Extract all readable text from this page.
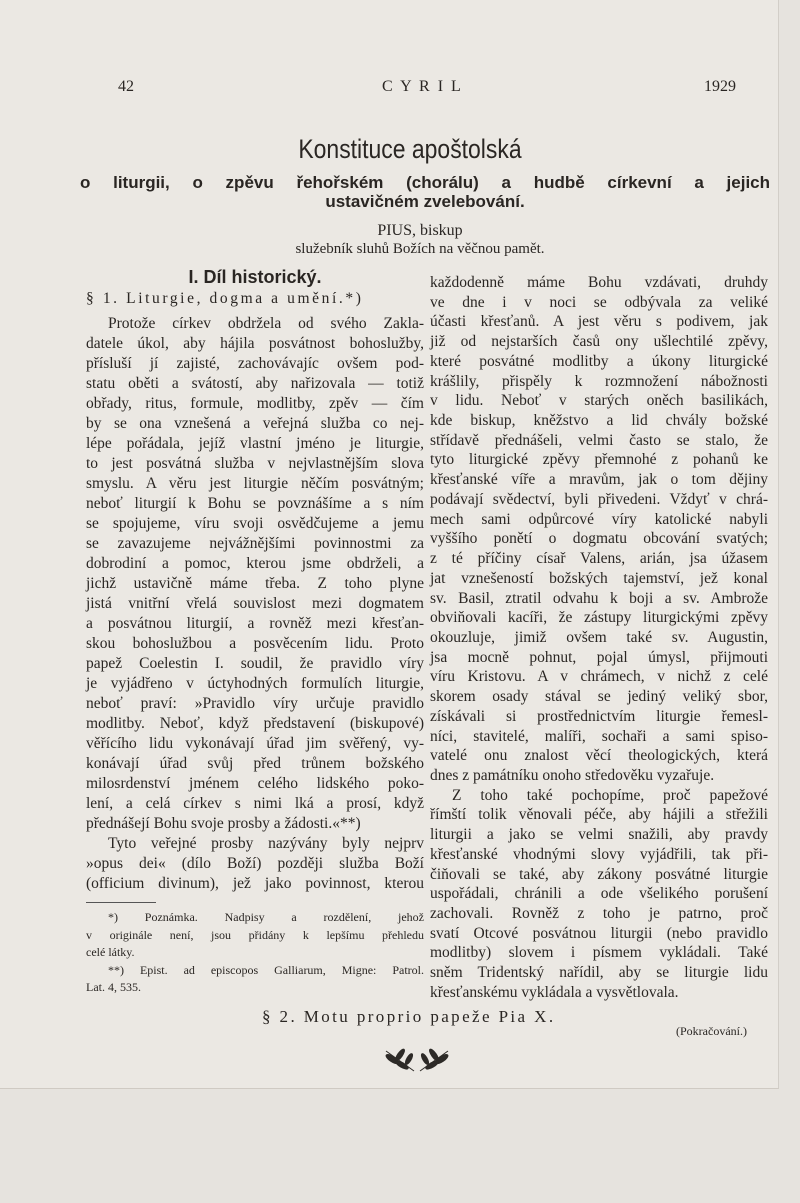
42	C Y R I L	1929
Konstituce apoštolská
o liturgii, o zpěvu řehořském (chorálu) a hudbě církevní a jejich
ustavičném zvelebování.
PIUS, biskup
služebník sluhů Božích na věčnou pamět.
I. Díl historický.
§ 1. Liturgie, dogma a umění.*)
Protože církev obdržela od svého Zakla-
datele úkol, aby hájila posvátnost bohoslužby,
přísluší jí zajisté, zachovávajíc ovšem pod-
statu oběti a svátostí, aby nařizovala — totiž
obřady, ritus, formule, modlitby, zpěv — čím
by se ona vznešená a veřejná služba co nej-
lépe pořádala, jejíž vlastní jméno je liturgie,
to jest posvátná služba v nejvlastnějším slova
smyslu. A věru jest liturgie něčím posvátným;
neboť liturgií k Bohu se povznášíme a s ním
se spojujeme, víru svoji osvědčujeme a jemu
se zavazujeme nejvážnějšími povinnostmi za
dobrodiní a pomoc, kterou jsme obdrželi, a
jichž ustavičně máme třeba. Z toho plyne
jistá vnitřní vřelá souvislost mezi dogmatem
a posvátnou liturgií, a rovněž mezi křesťan-
skou bohoslužbou a posvěcením lidu. Proto
papež Coelestin I. soudil, že pravidlo víry
je vyjádřeno v úctyhodných formulích liturgie,
neboť praví: »Pravidlo víry určuje pravidlo
modlitby. Neboť, když představení (biskupové)
věřícího lidu vykonávají úřad jim svěřený, vy-
konávají úřad svůj před trůnem božského
milosrdenství jménem celého lidského poko-
lení, a celá církev s nimi lká a prosí, když
přednášejí Bohu svoje prosby a žádosti.«**)
Tyto veřejné prosby nazývány byly nejprv
»opus dei« (dílo Boží) později služba Boží
(officium divinum), jež jako povinnost, kterou
*) Poznámka. Nadpisy a rozdělení, jehož
v originále není, jsou přidány k lepšímu přehledu
celé látky.
**) Epist. ad episcopos Galliarum, Migne: Patrol.
Lat. 4, 535.
každodenně máme Bohu vzdávati, druhdy
ve dne i v noci se odbývala za veliké
účasti křesťanů. A jest věru s podivem, jak
již od nejstarších časů ony ušlechtilé zpěvy,
které posvátné modlitby a úkony liturgické
krášlily, přispěly k rozmnožení nábožnosti
v lidu. Neboť v starých oněch basilikách,
kde biskup, kněžstvo a lid chvály božské
střídavě přednášeli, velmi často se stalo, že
tyto liturgické zpěvy přemnohé z pohanů ke
křesťanské víře a mravům, jak o tom dějiny
podávají svědectví, byli přivedeni. Vždyť v chrá-
mech sami odpůrcové víry katolické nabyli
vyššího ponětí o dogmatu obcování svatých;
z té příčiny císař Valens, arián, jsa úžasem
jat vznešeností božských tajemství, jež konal
sv. Basil, ztratil odvahu k boji a sv. Ambrože
obviňovali kacíři, že zástupy liturgickými zpěvy
okouzluje, jimiž ovšem také sv. Augustin,
jsa mocně pohnut, pojal úmysl, přijmouti
víru Kristovu. A v chrámech, v nichž z celé
skorem osady stával se jediný veliký sbor,
získávali si prostřednictvím liturgie řemesl-
níci, stavitelé, malíři, sochaři a sami spiso-
vatelé onu znalost věcí theologických, která
dnes z památníku onoho středověku vyzařuje.
Z toho také pochopíme, proč papežové
římští tolik věnovali péče, aby hájili a střežili
liturgii a jako se velmi snažili, aby pravdy
křesťanské vhodnými slovy vyjádřili, tak při-
čiňovali se také, aby zákony posvátné liturgie
uspořádali, chránili a ode všelikého porušení
zachovali. Rovněž z toho je patrno, proč
svatí Otcové posvátnou liturgii (nebo pravidlo
modlitby) slovem i písmem vykládali. Také
sněm Tridentský nařídil, aby se liturgie lidu
křesťanskému vykládala a vysvětlovala.
§ 2. Motu proprio papeže Pia X.
(Pokračování.)
